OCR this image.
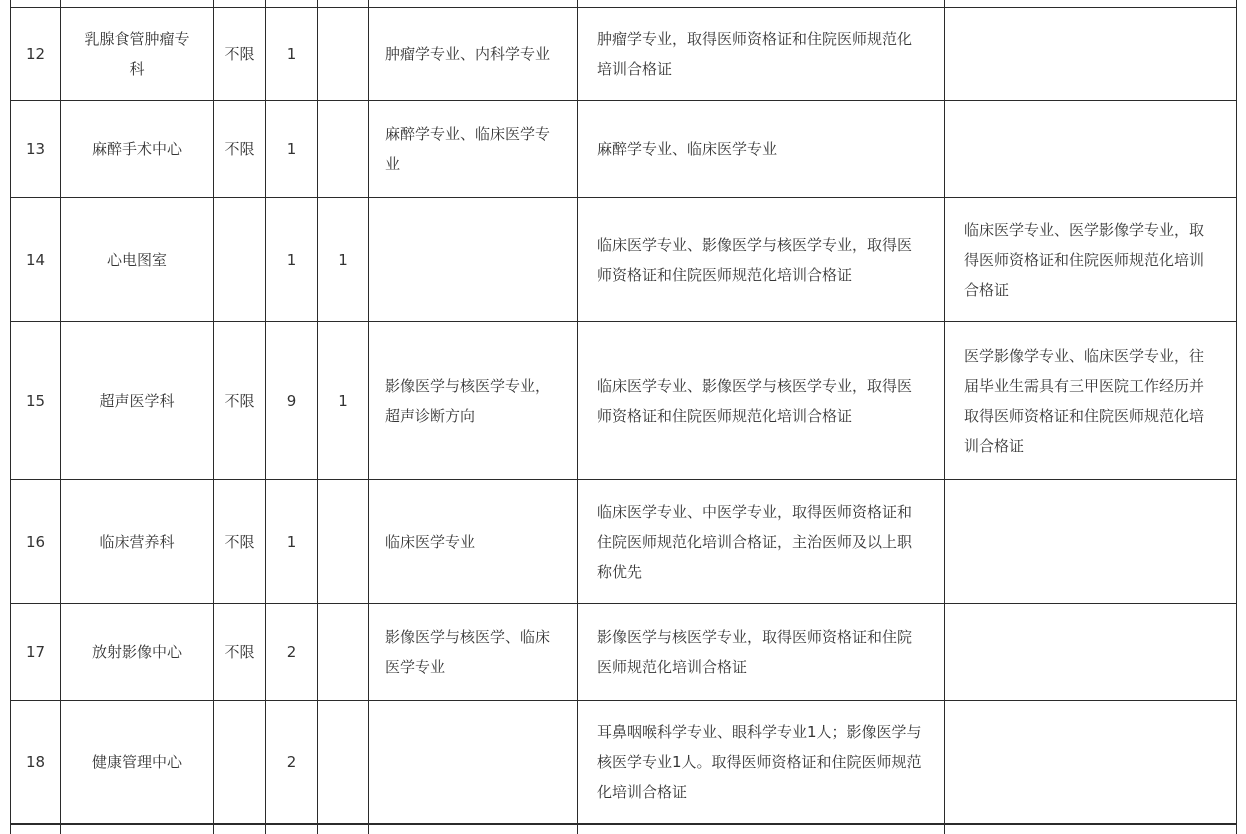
12	乳腺食管肿瘤专科	不限	1		肿瘤学专业、内科学专业	肿瘤学专业，取得医师资格证和住院医师规范化培训合格证	
13	麻醉手术中心	不限	1		麻醉学专业、临床医学专业	麻醉学专业、临床医学专业	
14	心电图室		1	1		临床医学专业、影像医学与核医学专业，取得医师资格证和住院医师规范化培训合格证	临床医学专业、医学影像学专业，取得医师资格证和住院医师规范化培训合格证
15	超声医学科	不限	9	1	影像医学与核医学专业，超声诊断方向	临床医学专业、影像医学与核医学专业，取得医师资格证和住院医师规范化培训合格证	医学影像学专业、临床医学专业，往届毕业生需具有三甲医院工作经历并取得医师资格证和住院医师规范化培训合格证
16	临床营养科	不限	1		临床医学专业	临床医学专业、中医学专业，取得医师资格证和住院医师规范化培训合格证，主治医师及以上职称优先	
17	放射影像中心	不限	2		影像医学与核医学、临床医学专业	影像医学与核医学专业，取得医师资格证和住院医师规范化培训合格证	
18	健康管理中心		2			耳鼻咽喉科学专业、眼科学专业1人；影像医学与核医学专业1人。取得医师资格证和住院医师规范化培训合格证	
